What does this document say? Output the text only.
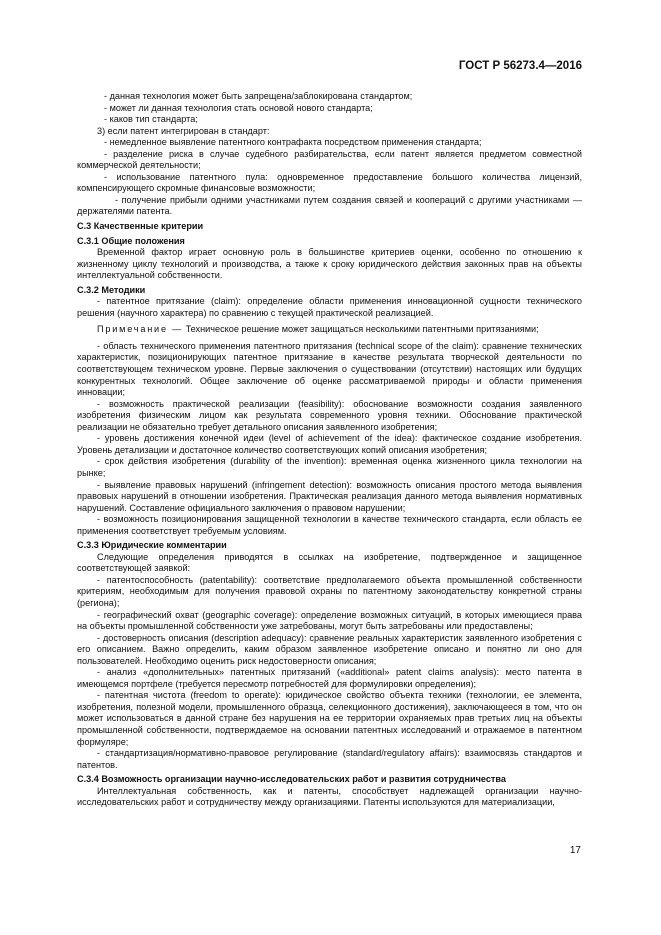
ГОСТ Р 56273.4—2016

- данная технология может быть запрещена/заблокирована стандартом;

- может ли данная технология стать основой нового стандарта;

- каков тип стандарта;

3) если патент интегрирован в стандарт:

- немедленное выявление патентного контрафакта посредством применения стандарта;

- разделение риска в случае судебного разбирательства, если патент является предметом совместной коммерческой деятельности;

- использование патентного пула: одновременное предоставление большого количества лицензий, компенсирующего скромные финансовые возможности;

- получение прибыли одними участниками путем создания связей и коопераций с другими участниками — держателями патента.

С.3 Качественные критерии

С.3.1 Общие положения

Временной фактор играет основную роль в большинстве критериев оценки, особенно по отношению к жизненному циклу технологий и производства, а также к сроку юридического действия законных прав на объекты интеллектуальной собственности.

С.3.2 Методики

- патентное притязание (claim): определение области применения инновационной сущности технического решения (научного характера) по сравнению с текущей практической реализацией.

Примечание — Техническое решение может защищаться несколькими патентными притязаниями;

- область технического применения патентного притязания (technical scope of the claim): сравнение технических характеристик, позиционирующих патентное притязание в качестве результата творческой деятельности по соответствующем техническом уровне. Первые заключения о существовании (отсутствии) настоящих или будущих конкурентных технологий. Общее заключение об оценке рассматриваемой природы и области применения инновации;

- возможность практической реализации (feasibility): обоснование возможности создания заявленного изобретения физическим лицом как результата современного уровня техники. Обоснование практической реализации не обязательно требует детального описания заявленного изобретения;

- уровень достижения конечной идеи (level of achievement of the idea): фактическое создание изобретения. Уровень детализации и достаточное количество соответствующих копий описания изобретения;

- срок действия изобретения (durability of the invention): временная оценка жизненного цикла технологии на рынке;

- выявление правовых нарушений (infringement detection): возможность описания простого метода выявления правовых нарушений в отношении изобретения. Практическая реализация данного метода выявления нормативных нарушений. Составление официального заключения о правовом нарушении;

- возможность позиционирования защищенной технологии в качестве технического стандарта, если область ее применения соответствует требуемым условиям.

С.3.3 Юридические комментарии

Следующие определения приводятся в ссылках на изобретение, подтвержденное и защищенное соответствующей заявкой:

- патентоспособность (patentability): соответствие предполагаемого объекта промышленной собственности критериям, необходимым для получения правовой охраны по патентному законодательству конкретной страны (региона);

- географический охват (geographic coverage): определение возможных ситуаций, в которых имеющиеся права на объекты промышленной собственности уже затребованы, могут быть затребованы или предоставлены;

- достоверность описания (description adequacy): сравнение реальных характеристик заявленного изобретения с его описанием. Важно определить, каким образом заявленное изобретение описано и понятно ли оно для пользователей. Необходимо оценить риск недостоверности описания;

- анализ «дополнительных» патентных притязаний («additional» patent claims analysis): место патента в имеющемся портфеле (требуется пересмотр потребностей для формулировки определения);

- патентная чистота (freedom to operate): юридическое свойство объекта техники (технологии, ее элемента, изобретения, полезной модели, промышленного образца, селекционного достижения), заключающееся в том, что он может использоваться в данной стране без нарушения на ее территории охраняемых прав третьих лиц на объекты промышленной собственности, подтверждаемое на основании патентных исследований и отражаемое в патентном формуляре;

- стандартизация/нормативно-правовое регулирование (standard/regulatory affairs): взаимосвязь стандартов и патентов.

С.3.4 Возможность организации научно-исследовательских работ и развития сотрудничества

Интеллектуальная собственность, как и патенты, способствует надлежащей организации научно-исследовательских работ и сотрудничеству между организациями. Патенты используются для материализации,

17
